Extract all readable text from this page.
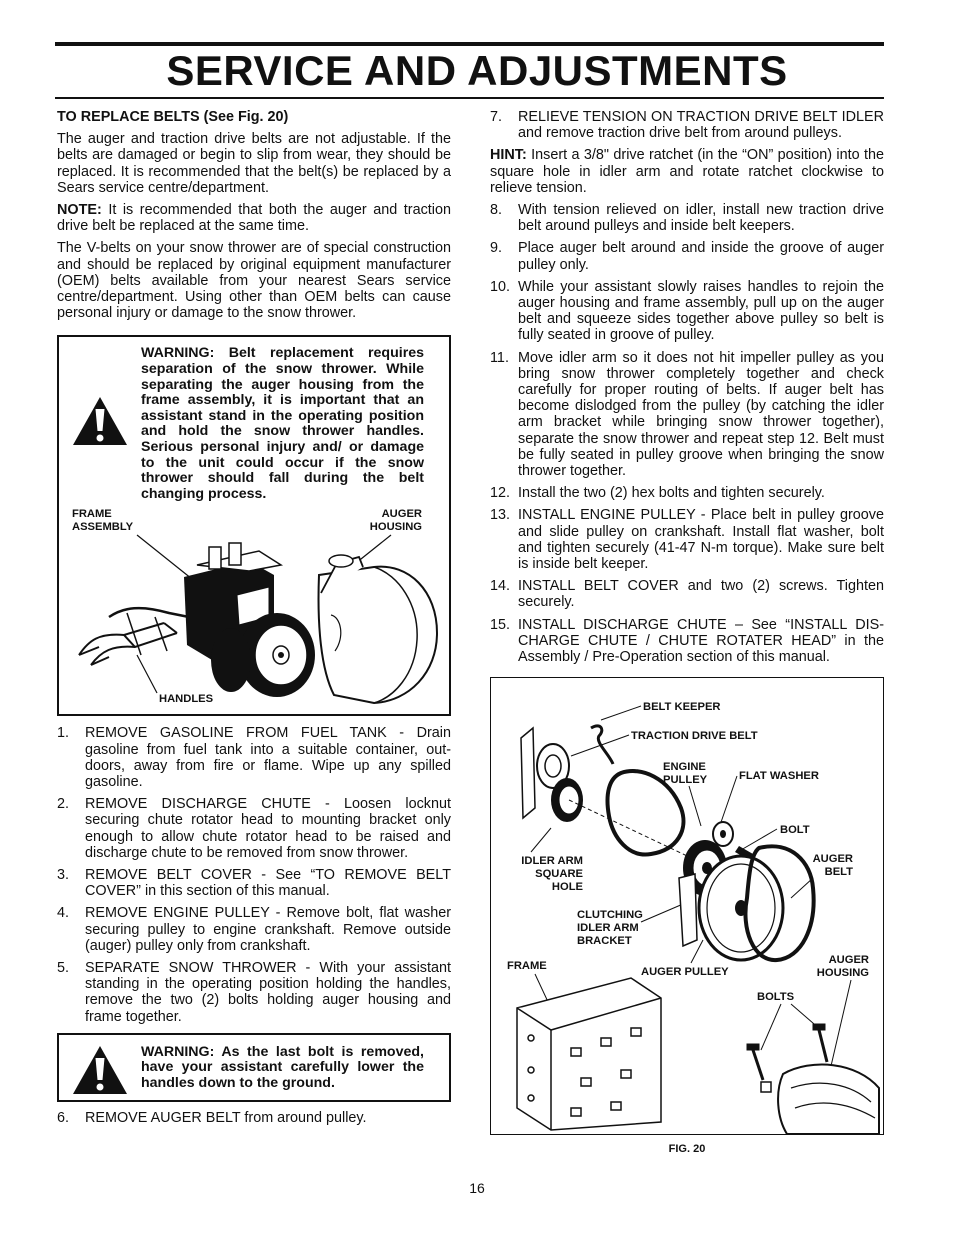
SERVICE AND ADJUSTMENTS
TO REPLACE BELTS (See Fig. 20)

The auger and traction drive belts are not adjustable. If the belts are damaged or begin to slip from wear, they should be replaced. It is recommended that the belt(s) be replaced by a Sears service centre/department.

NOTE: It is recommended that both the auger and traction drive belt be replaced at the same time.

The V-belts on your snow thrower are of special construction and should be replaced by original equipment manufacturer (OEM) belts available from your nearest Sears service centre/department. Using other than OEM belts can cause personal injury or damage to the snow thrower.

WARNING: Belt replacement requires separation of the snow thrower. While separating the auger housing from the frame assembly, it is important that an assistant stand in the operating position and hold the snow thrower handles. Serious personal injury and/ or damage to the unit could occur if the snow thrower should fall during the belt changing process.
FRAME
ASSEMBLY
AUGER
HOUSING
HANDLES
1. REMOVE GASOLINE FROM FUEL TANK - Drain gasoline from fuel tank into a suitable container, out-doors, away from fire or flame. Wipe up any spilled gasoline.
2. REMOVE DISCHARGE CHUTE - Loosen locknut securing chute rotator head to mounting bracket only enough to allow chute rotator head to be raised and discharge chute to be removed from snow thrower.
3. REMOVE BELT COVER - See “TO REMOVE BELT COVER” in this section of this manual.
4. REMOVE ENGINE PULLEY - Remove bolt, flat washer securing pulley to engine crankshaft. Remove outside (auger) pulley only from crankshaft.
5. SEPARATE SNOW THROWER - With your assistant standing in the operating position holding the handles, remove the two (2) bolts holding auger housing and frame together.
WARNING: As the last bolt is removed, have your assistant carefully lower the handles down to the ground.
6. REMOVE AUGER BELT from around pulley.
7. RELIEVE TENSION ON TRACTION DRIVE BELT IDLER and remove traction drive belt from around pulleys.

HINT: Insert a 3/8" drive ratchet (in the “ON” position) into the square hole in idler arm and rotate ratchet clockwise to relieve tension.

8. With tension relieved on idler, install new traction drive belt around pulleys and inside belt keepers.
9. Place auger belt around and inside the groove of auger pulley only.
10. While your assistant slowly raises handles to rejoin the auger housing and frame assembly, pull up on the auger belt and squeeze sides together above pulley so belt is fully seated in groove of pulley.
11. Move idler arm so it does not hit impeller pulley as you bring snow thrower completely together and check carefully for proper routing of belts. If auger belt has become dislodged from the pulley (by catching the idler arm bracket while bringing snow thrower together), separate the snow thrower and repeat step 12. Belt must be fully seated in pulley groove when bringing the snow thrower together.
12. Install the two (2) hex bolts and tighten securely.
13. INSTALL ENGINE PULLEY - Place belt in pulley groove and slide pulley on crankshaft. Install flat washer, bolt and tighten securely (41-47 N-m torque). Make sure belt is inside belt keeper.
14. INSTALL BELT COVER and two (2) screws. Tighten securely.
15. INSTALL DISCHARGE CHUTE – See “INSTALL DIS-CHARGE CHUTE / CHUTE ROTATER HEAD” in the Assembly / Pre-Operation section of this manual.
BELT KEEPER
TRACTION DRIVE BELT
ENGINE
PULLEY	FLAT WASHER
BOLT
IDLER ARM
SQUARE
HOLE
AUGER
BELT
CLUTCHING
IDLER ARM
BRACKET
FRAME	AUGER PULLEY
AUGER
HOUSING
BOLTS
FIG. 20
16
